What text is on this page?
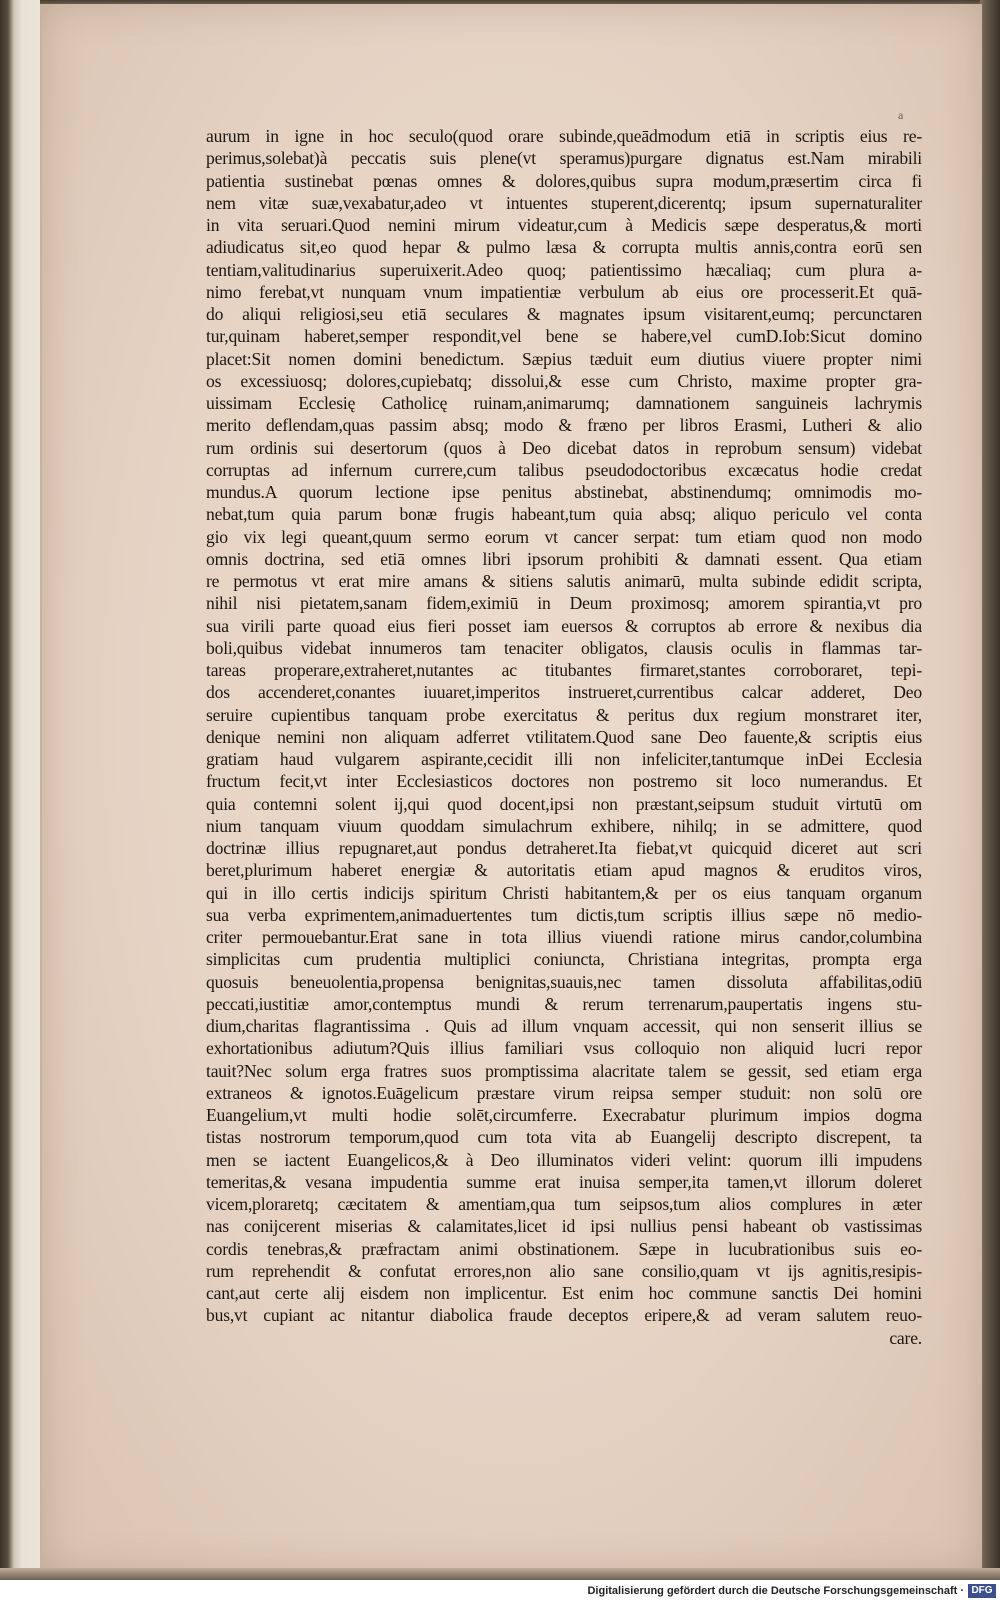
a
aurum in igne in hoc seculo(quod orare subinde,queādmodum etiā in scriptis eius re-
perimus,solebat)à peccatis suis plene(vt speramus)purgare dignatus est.Nam mirabili
patientia sustinebat pœnas omnes & dolores,quibus supra modum,præsertim circa fi
nem vitæ suæ,vexabatur,adeo vt intuentes stuperent,dicerentq; ipsum supernaturaliter
in vita seruari.Quod nemini mirum videatur,cum à Medicis sæpe desperatus,& morti
adiudicatus sit,eo quod hepar & pulmo læsa & corrupta multis annis,contra eorū sen
tentiam,valitudinarius superuixerit.Adeo quoq; patientissimo hæcaliaq; cum plura a-
nimo ferebat,vt nunquam vnum impatientiæ verbulum ab eius ore processerit.Et quā-
do aliqui religiosi,seu etiā seculares & magnates ipsum visitarent,eumq; percunctaren
tur,quinam haberet,semper respondit,vel bene se habere,vel cumD.Iob:Sicut domino
placet:Sit nomen domini benedictum. Sæpius tæduit eum diutius viuere propter nimi
os excessiuosq; dolores,cupiebatq; dissolui,& esse cum Christo, maxime propter gra-
uissimam Ecclesię Catholicę ruinam,animarumq; damnationem sanguineis lachrymis
merito deflendam,quas passim absq; modo & fræno per libros Erasmi, Lutheri & alio
rum ordinis sui desertorum (quos à Deo dicebat datos in reprobum sensum) videbat
corruptas ad infernum currere,cum talibus pseudodoctoribus excæcatus hodie credat
mundus.A quorum lectione ipse penitus abstinebat, abstinendumq; omnimodis mo-
nebat,tum quia parum bonæ frugis habeant,tum quia absq; aliquo periculo vel conta
gio vix legi queant,quum sermo eorum vt cancer serpat: tum etiam quod non modo
omnis doctrina, sed etiā omnes libri ipsorum prohibiti & damnati essent. Qua etiam
re permotus vt erat mire amans & sitiens salutis animarū, multa subinde edidit scripta,
nihil nisi pietatem,sanam fidem,eximiū in Deum proximosq; amorem spirantia,vt pro
sua virili parte quoad eius fieri posset iam euersos & corruptos ab errore & nexibus dia
boli,quibus videbat innumeros tam tenaciter obligatos, clausis oculis in flammas tar-
tareas properare,extraheret,nutantes ac titubantes firmaret,stantes corroboraret, tepi-
dos accenderet,conantes iuuaret,imperitos instrueret,currentibus calcar adderet, Deo
seruire cupientibus tanquam probe exercitatus & peritus dux regium monstraret iter,
denique nemini non aliquam adferret vtilitatem.Quod sane Deo fauente,& scriptis eius
gratiam haud vulgarem aspirante,cecidit illi non infeliciter,tantumque inDei Ecclesia
fructum fecit,vt inter Ecclesiasticos doctores non postremo sit loco numerandus. Et
quia contemni solent ij,qui quod docent,ipsi non præstant,seipsum studuit virtutū om
nium tanquam viuum quoddam simulachrum exhibere, nihilq; in se admittere, quod
doctrinæ illius repugnaret,aut pondus detraheret.Ita fiebat,vt quicquid diceret aut scri
beret,plurimum haberet energiæ & autoritatis etiam apud magnos & eruditos viros,
qui in illo certis indicijs spiritum Christi habitantem,& per os eius tanquam organum
sua verba exprimentem,animaduertentes tum dictis,tum scriptis illius sæpe nō medio-
criter permouebantur.Erat sane in tota illius viuendi ratione mirus candor,columbina
simplicitas cum prudentia multiplici coniuncta, Christiana integritas, prompta erga
quosuis beneuolentia,propensa benignitas,suauis,nec tamen dissoluta affabilitas,odiū
peccati,iustitiæ amor,contemptus mundi & rerum terrenarum,paupertatis ingens stu-
dium,charitas flagrantissima . Quis ad illum vnquam accessit, qui non senserit illius se
exhortationibus adiutum?Quis illius familiari vsus colloquio non aliquid lucri repor
tauit?Nec solum erga fratres suos promptissima alacritate talem se gessit, sed etiam erga
extraneos & ignotos.Euāgelicum præstare virum reipsa semper studuit: non solū ore
Euangelium,vt multi hodie solēt,circumferre. Execrabatur plurimum impios dogma
tistas nostrorum temporum,quod cum tota vita ab Euangelij descripto discrepent, ta
men se iactent Euangelicos,& à Deo illuminatos videri velint: quorum illi impudens
temeritas,& vesana impudentia summe erat inuisa semper,ita tamen,vt illorum doleret
vicem,ploraretq; cæcitatem & amentiam,qua tum seipsos,tum alios complures in æter
nas conijcerent miserias & calamitates,licet id ipsi nullius pensi habeant ob vastissimas
cordis tenebras,& præfractam animi obstinationem. Sæpe in lucubrationibus suis eo-
rum reprehendit & confutat errores,non alio sane consilio,quam vt ijs agnitis,resipis-
cant,aut certe alij eisdem non implicentur. Est enim hoc commune sanctis Dei homini
bus,vt cupiant ac nitantur diabolica fraude deceptos eripere,& ad veram salutem reuo-
care.
Digitalisierung gefördert durch die Deutsche Forschungsgemeinschaft · DFG
